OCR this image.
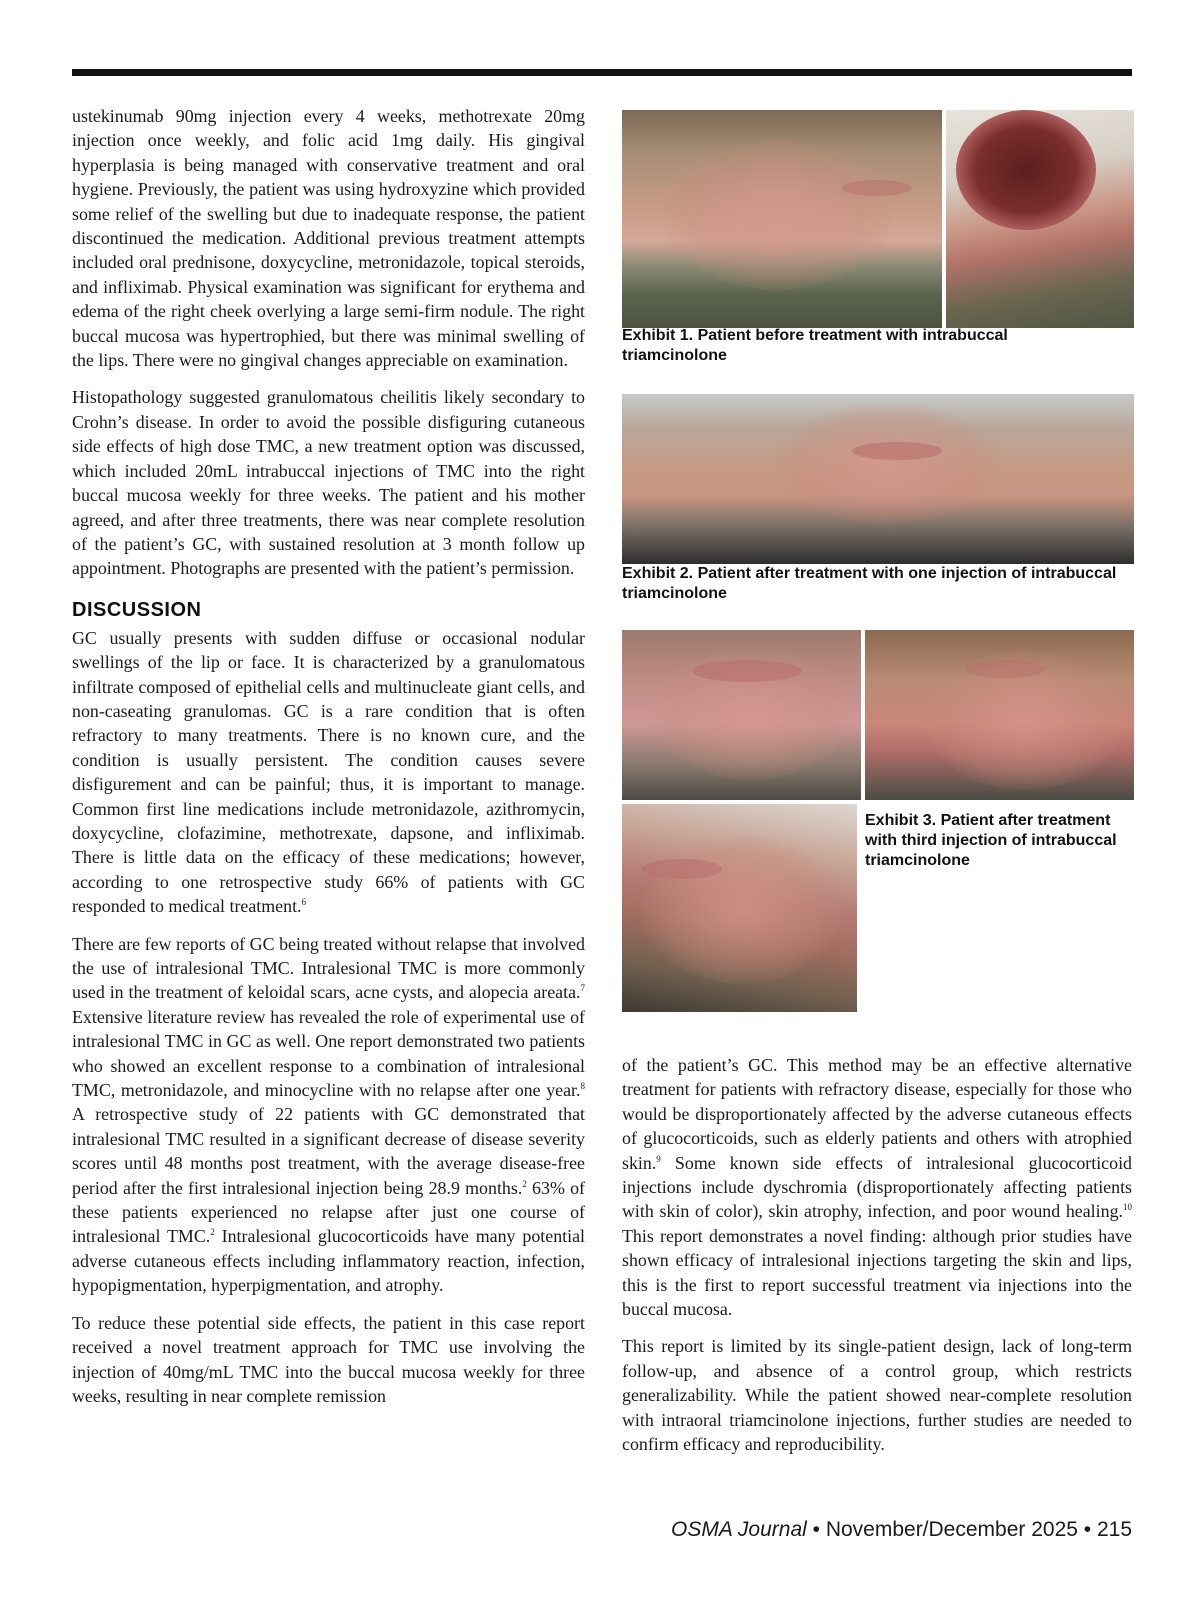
ustekinumab 90mg injection every 4 weeks, methotrexate 20mg injection once weekly, and folic acid 1mg daily. His gingival hyperplasia is being managed with conservative treatment and oral hygiene. Previously, the patient was using hydroxyzine which provided some relief of the swelling but due to inadequate response, the patient discontinued the medication. Additional previous treatment attempts included oral prednisone, doxycycline, metronidazole, topical steroids, and infliximab. Physical examination was significant for erythema and edema of the right cheek overlying a large semi-firm nodule. The right buccal mucosa was hypertrophied, but there was minimal swelling of the lips. There were no gingival changes appreciable on examination.

Histopathology suggested granulomatous cheilitis likely secondary to Crohn’s disease. In order to avoid the possible disfiguring cutaneous side effects of high dose TMC, a new treatment option was discussed, which included 20mL intrabuccal injections of TMC into the right buccal mucosa weekly for three weeks. The patient and his mother agreed, and after three treatments, there was near complete resolution of the patient’s GC, with sustained resolution at 3 month follow up appointment. Photographs are presented with the patient’s permission.

DISCUSSION

GC usually presents with sudden diffuse or occasional nodular swellings of the lip or face. It is characterized by a granulomatous infiltrate composed of epithelial cells and multinucleate giant cells, and non-caseating granulomas. GC is a rare condition that is often refractory to many treatments. There is no known cure, and the condition is usually persistent. The condition causes severe disfigurement and can be painful; thus, it is important to manage. Common first line medications include metronidazole, azithromycin, doxycycline, clofazimine, methotrexate, dapsone, and infliximab. There is little data on the efficacy of these medications; however, according to one retrospective study 66% of patients with GC responded to medical treatment.$^6$

There are few reports of GC being treated without relapse that involved the use of intralesional TMC. Intralesional TMC is more commonly used in the treatment of keloidal scars, acne cysts, and alopecia areata.$^7$ Extensive literature review has revealed the role of experimental use of intralesional TMC in GC as well. One report demonstrated two patients who showed an excellent response to a combination of intralesional TMC, metronidazole, and minocycline with no relapse after one year.$^8$ A retrospective study of 22 patients with GC demonstrated that intralesional TMC resulted in a significant decrease of disease severity scores until 48 months post treatment, with the average disease-free period after the first intralesional injection being 28.9 months.$^2$ 63% of these patients experienced no relapse after just one course of intralesional TMC.$^2$ Intralesional glucocorticoids have many potential adverse cutaneous effects including inflammatory reaction, infection, hypopigmentation, hyperpigmentation, and atrophy.

To reduce these potential side effects, the patient in this case report received a novel treatment approach for TMC use involving the injection of 40mg/mL TMC into the buccal mucosa weekly for three weeks, resulting in near complete remission

Exhibit 1. Patient before treatment with intrabuccal triamcinolone
Exhibit 2. Patient after treatment with one injection of intrabuccal triamcinolone
Exhibit 3. Patient after treatment with third injection of intrabuccal triamcinolone

of the patient’s GC. This method may be an effective alternative treatment for patients with refractory disease, especially for those who would be disproportionately affected by the adverse cutaneous effects of glucocorticoids, such as elderly patients and others with atrophied skin.$^9$ Some known side effects of intralesional glucocorticoid injections include dyschromia (disproportionately affecting patients with skin of color), skin atrophy, infection, and poor wound healing.$^{10}$ This report demonstrates a novel finding: although prior studies have shown efficacy of intralesional injections targeting the skin and lips, this is the first to report successful treatment via injections into the buccal mucosa.

This report is limited by its single-patient design, lack of long-term follow-up, and absence of a control group, which restricts generalizability. While the patient showed near-complete resolution with intraoral triamcinolone injections, further studies are needed to confirm efficacy and reproducibility.

OSMA Journal • November/December 2025 • 215
